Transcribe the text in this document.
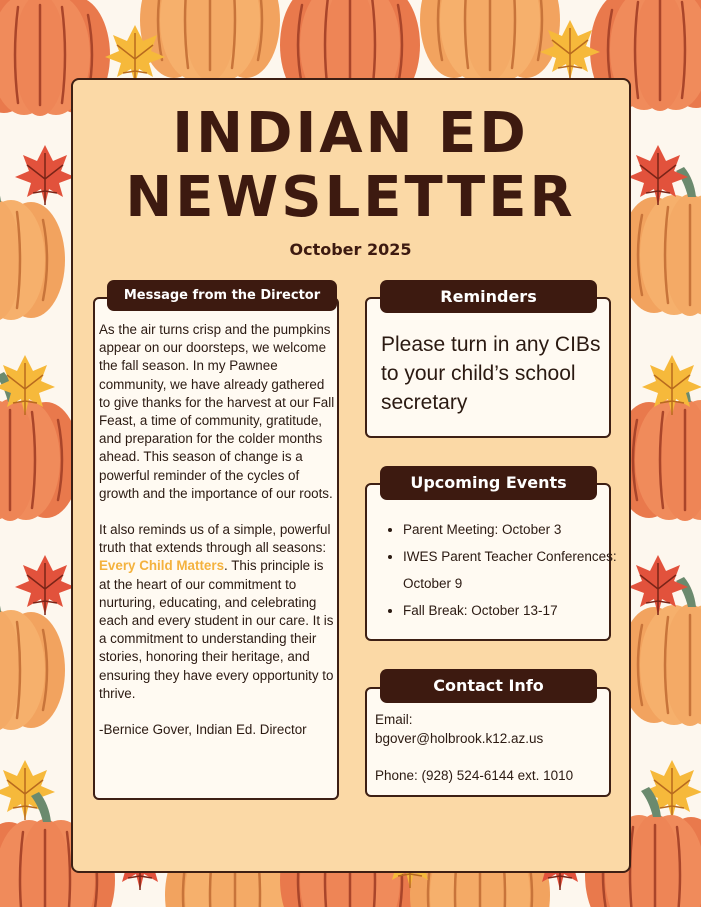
INDIAN ED
NEWSLETTER
October 2025
Message from the Director

As the air turns crisp and the pumpkins appear on our doorsteps, we welcome the fall season. In my Pawnee community, we have already gathered to give thanks for the harvest at our Fall Feast, a time of community, gratitude, and preparation for the colder months ahead. This season of change is a powerful reminder of the cycles of growth and the importance of our roots.

It also reminds us of a simple, powerful truth that extends through all seasons: Every Child Matters. This principle is at the heart of our commitment to nurturing, educating, and celebrating each and every student in our care. It is a commitment to understanding their stories, honoring their heritage, and ensuring they have every opportunity to thrive.

-Bernice Gover, Indian Ed. Director

Reminders
Please turn in any CIBs to your child’s school secretary
Upcoming Events
• Parent Meeting: October 3
• IWES Parent Teacher Conferences: October 9
• Fall Break: October 13-17
Contact Info
Email:
bgover@holbrook.k12.az.us
Phone: (928) 524-6144 ext. 1010
